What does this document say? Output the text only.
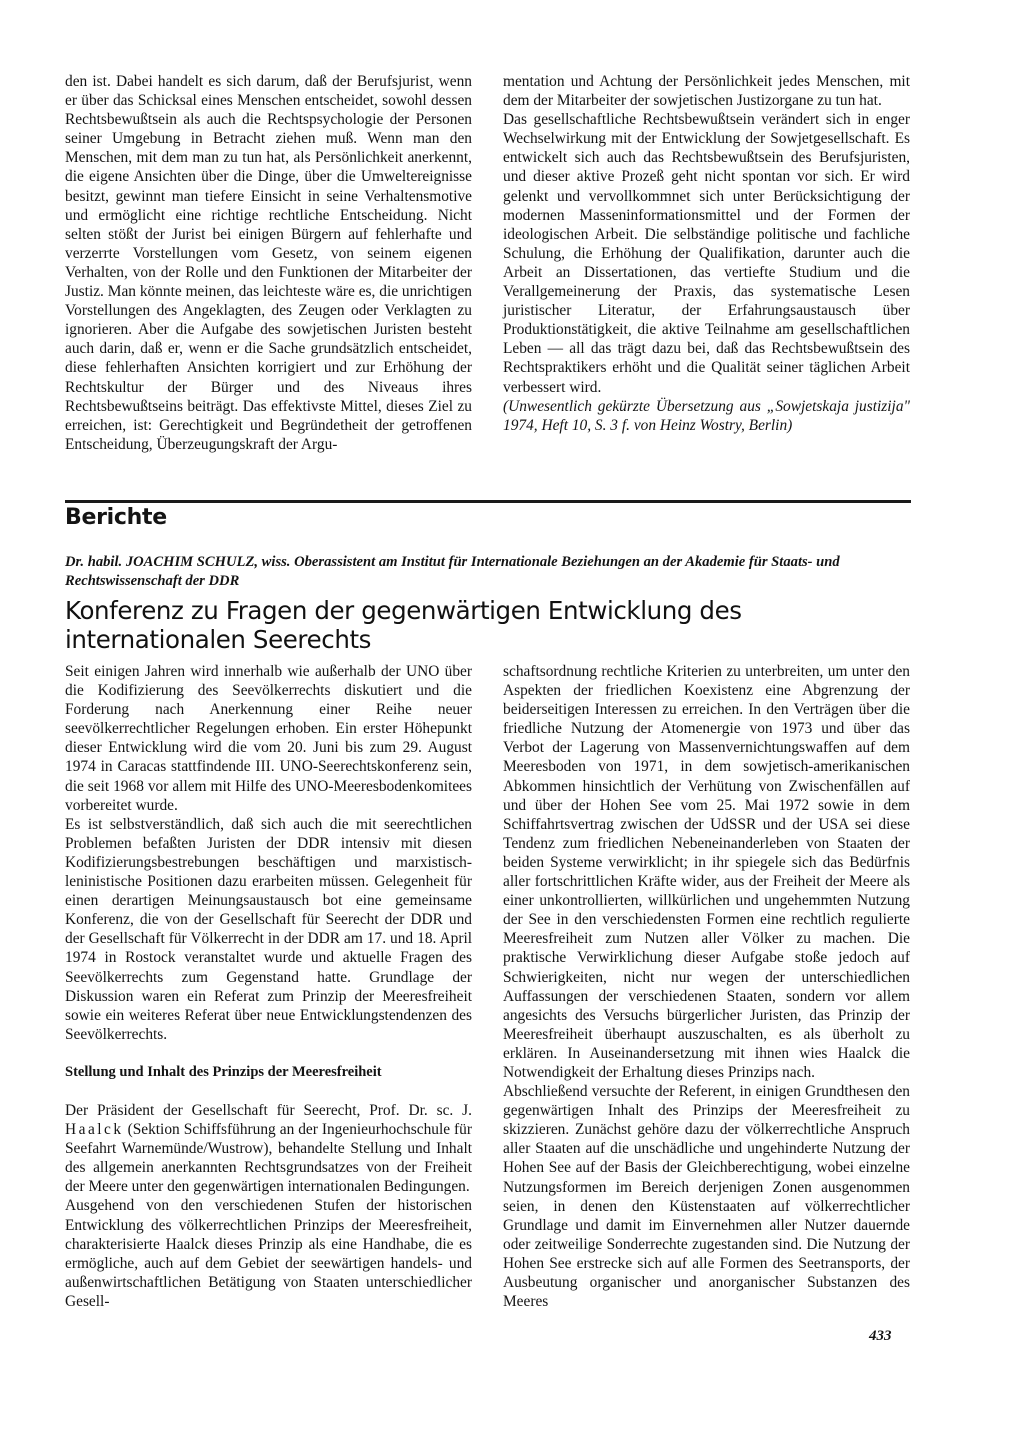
den ist. Dabei handelt es sich darum, daß der Berufsjurist, wenn er über das Schicksal eines Menschen entscheidet, sowohl dessen Rechtsbewußtsein als auch die Rechtspsychologie der Personen seiner Umgebung in Betracht ziehen muß. Wenn man den Menschen, mit dem man zu tun hat, als Persönlichkeit anerkennt, die eigene Ansichten über die Dinge, über die Umweltereignisse besitzt, gewinnt man tiefere Einsicht in seine Verhaltensmotive und ermöglicht eine richtige rechtliche Entscheidung. Nicht selten stößt der Jurist bei einigen Bürgern auf fehlerhafte und verzerrte Vorstellungen vom Gesetz, von seinem eigenen Verhalten, von der Rolle und den Funktionen der Mitarbeiter der Justiz. Man könnte meinen, das leichteste wäre es, die unrichtigen Vorstellungen des Angeklagten, des Zeugen oder Verklagten zu ignorieren. Aber die Aufgabe des sowjetischen Juristen besteht auch darin, daß er, wenn er die Sache grundsätzlich entscheidet, diese fehlerhaften Ansichten korrigiert und zur Erhöhung der Rechtskultur der Bürger und des Niveaus ihres Rechtsbewußtseins beiträgt. Das effektivste Mittel, dieses Ziel zu erreichen, ist: Gerechtigkeit und Begründetheit der getroffenen Entscheidung, Überzeugungskraft der Argu-

mentation und Achtung der Persönlichkeit jedes Menschen, mit dem der Mitarbeiter der sowjetischen Justizorgane zu tun hat.

Das gesellschaftliche Rechtsbewußtsein verändert sich in enger Wechselwirkung mit der Entwicklung der Sowjetgesellschaft. Es entwickelt sich auch das Rechtsbewußtsein des Berufsjuristen, und dieser aktive Prozeß geht nicht spontan vor sich. Er wird gelenkt und vervollkommnet sich unter Berücksichtigung der modernen Masseninformationsmittel und der Formen der ideologischen Arbeit. Die selbständige politische und fachliche Schulung, die Erhöhung der Qualifikation, darunter auch die Arbeit an Dissertationen, das vertiefte Studium und die Verallgemeinerung der Praxis, das systematische Lesen juristischer Literatur, der Erfahrungsaustausch über Produktionstätigkeit, die aktive Teilnahme am gesellschaftlichen Leben — all das trägt dazu bei, daß das Rechtsbewußtsein des Rechtspraktikers erhöht und die Qualität seiner täglichen Arbeit verbessert wird.

(Unwesentlich gekürzte Übersetzung aus „Sowjetskaja justizija" 1974, Heft 10, S. 3 f. von Heinz Wostry, Berlin)

Berichte
Dr. habil. JOACHIM SCHULZ, wiss. Oberassistent am Institut für Internationale Beziehungen an der Akademie für Staats- und Rechtswissenschaft der DDR
Konferenz zu Fragen der gegenwärtigen Entwicklung des internationalen Seerechts

Seit einigen Jahren wird innerhalb wie außerhalb der UNO über die Kodifizierung des Seevölkerrechts diskutiert und die Forderung nach Anerkennung einer Reihe neuer seevölkerrechtlicher Regelungen erhoben. Ein erster Höhepunkt dieser Entwicklung wird die vom 20. Juni bis zum 29. August 1974 in Caracas stattfindende III. UNO-Seerechtskonferenz sein, die seit 1968 vor allem mit Hilfe des UNO-Meeresbodenkomitees vorbereitet wurde.

Es ist selbstverständlich, daß sich auch die mit seerechtlichen Problemen befaßten Juristen der DDR intensiv mit diesen Kodifizierungsbestrebungen beschäftigen und marxistisch-leninistische Positionen dazu erarbeiten müssen. Gelegenheit für einen derartigen Meinungsaustausch bot eine gemeinsame Konferenz, die von der Gesellschaft für Seerecht der DDR und der Gesellschaft für Völkerrecht in der DDR am 17. und 18. April 1974 in Rostock veranstaltet wurde und aktuelle Fragen des Seevölkerrechts zum Gegenstand hatte. Grundlage der Diskussion waren ein Referat zum Prinzip der Meeresfreiheit sowie ein weiteres Referat über neue Entwicklungstendenzen des Seevölkerrechts.

Stellung und Inhalt des Prinzips der Meeresfreiheit

Der Präsident der Gesellschaft für Seerecht, Prof. Dr. sc. J. Haalck (Sektion Schiffsführung an der Ingenieurhochschule für Seefahrt Warnemünde/Wustrow), behandelte Stellung und Inhalt des allgemein anerkannten Rechtsgrundsatzes von der Freiheit der Meere unter den gegenwärtigen internationalen Bedingungen.

Ausgehend von den verschiedenen Stufen der historischen Entwicklung des völkerrechtlichen Prinzips der Meeresfreiheit, charakterisierte Haalck dieses Prinzip als eine Handhabe, die es ermögliche, auch auf dem Gebiet der seewärtigen handels- und außenwirtschaftlichen Betätigung von Staaten unterschiedlicher Gesell-

schaftsordnung rechtliche Kriterien zu unterbreiten, um unter den Aspekten der friedlichen Koexistenz eine Abgrenzung der beiderseitigen Interessen zu erreichen. In den Verträgen über die friedliche Nutzung der Atomenergie von 1973 und über das Verbot der Lagerung von Massenvernichtungswaffen auf dem Meeresboden von 1971, in dem sowjetisch-amerikanischen Abkommen hinsichtlich der Verhütung von Zwischenfällen auf und über der Hohen See vom 25. Mai 1972 sowie in dem Schiffahrtsvertrag zwischen der UdSSR und der USA sei diese Tendenz zum friedlichen Nebeneinanderleben von Staaten der beiden Systeme verwirklicht; in ihr spiegele sich das Bedürfnis aller fortschrittlichen Kräfte wider, aus der Freiheit der Meere als einer unkontrollierten, willkürlichen und ungehemmten Nutzung der See in den verschiedensten Formen eine rechtlich regulierte Meeresfreiheit zum Nutzen aller Völker zu machen. Die praktische Verwirklichung dieser Aufgabe stoße jedoch auf Schwierigkeiten, nicht nur wegen der unterschiedlichen Auffassungen der verschiedenen Staaten, sondern vor allem angesichts des Versuchs bürgerlicher Juristen, das Prinzip der Meeresfreiheit überhaupt auszuschalten, es als überholt zu erklären. In Auseinandersetzung mit ihnen wies Haalck die Notwendigkeit der Erhaltung dieses Prinzips nach.

Abschließend versuchte der Referent, in einigen Grundthesen den gegenwärtigen Inhalt des Prinzips der Meeresfreiheit zu skizzieren. Zunächst gehöre dazu der völkerrechtliche Anspruch aller Staaten auf die unschädliche und ungehinderte Nutzung der Hohen See auf der Basis der Gleichberechtigung, wobei einzelne Nutzungsformen im Bereich derjenigen Zonen ausgenommen seien, in denen den Küstenstaaten auf völkerrechtlicher Grundlage und damit im Einvernehmen aller Nutzer dauernde oder zeitweilige Sonderrechte zugestanden sind. Die Nutzung der Hohen See erstrecke sich auf alle Formen des Seetransports, der Ausbeutung organischer und anorganischer Substanzen des Meeres

433
